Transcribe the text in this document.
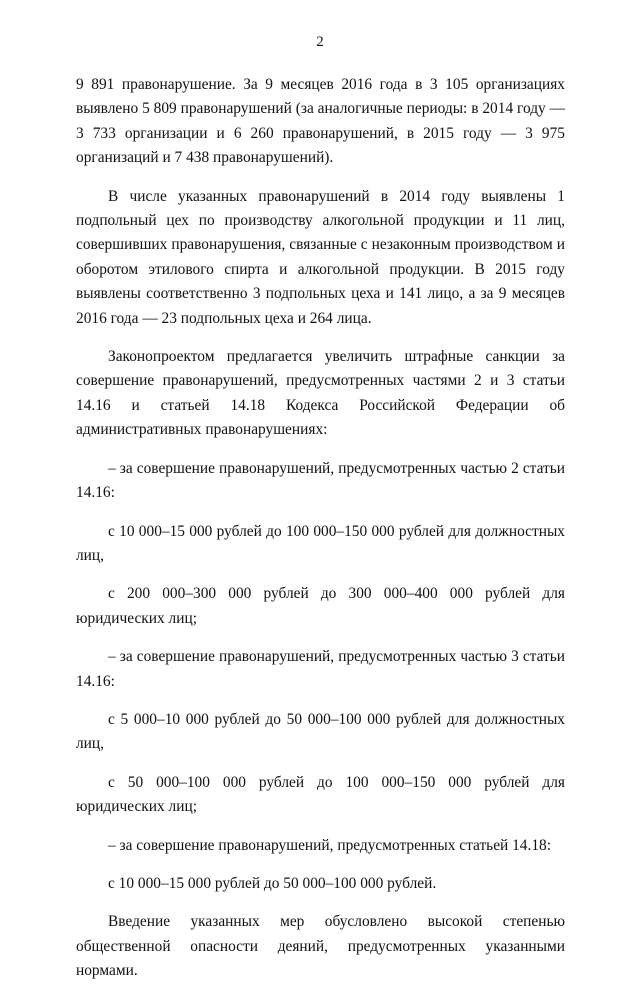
2

9 891 правонарушение. За 9 месяцев 2016 года в 3 105 организациях выявлено 5 809 правонарушений (за аналогичные периоды: в 2014 году — 3 733 организации и 6 260 правонарушений, в 2015 году — 3 975 организаций и 7 438 правонарушений).

В числе указанных правонарушений в 2014 году выявлены 1 подпольный цех по производству алкогольной продукции и 11 лиц, совершивших правонарушения, связанные с незаконным производством и оборотом этилового спирта и алкогольной продукции. В 2015 году выявлены соответственно 3 подпольных цеха и 141 лицо, а за 9 месяцев 2016 года — 23 подпольных цеха и 264 лица.

Законопроектом предлагается увеличить штрафные санкции за совершение правонарушений, предусмотренных частями 2 и 3 статьи 14.16 и статьей 14.18 Кодекса Российской Федерации об административных правонарушениях:

– за совершение правонарушений, предусмотренных частью 2 статьи 14.16:

с 10 000–15 000 рублей до 100 000–150 000 рублей для должностных лиц,

с 200 000–300 000 рублей до 300 000–400 000 рублей для юридических лиц;

– за совершение правонарушений, предусмотренных частью 3 статьи 14.16:

с 5 000–10 000 рублей до 50 000–100 000 рублей для должностных лиц,

с 50 000–100 000 рублей до 100 000–150 000 рублей для юридических лиц;

– за совершение правонарушений, предусмотренных статьей 14.18:

с 10 000–15 000 рублей до 50 000–100 000 рублей.

Введение указанных мер обусловлено высокой степенью общественной опасности деяний, предусмотренных указанными нормами.
